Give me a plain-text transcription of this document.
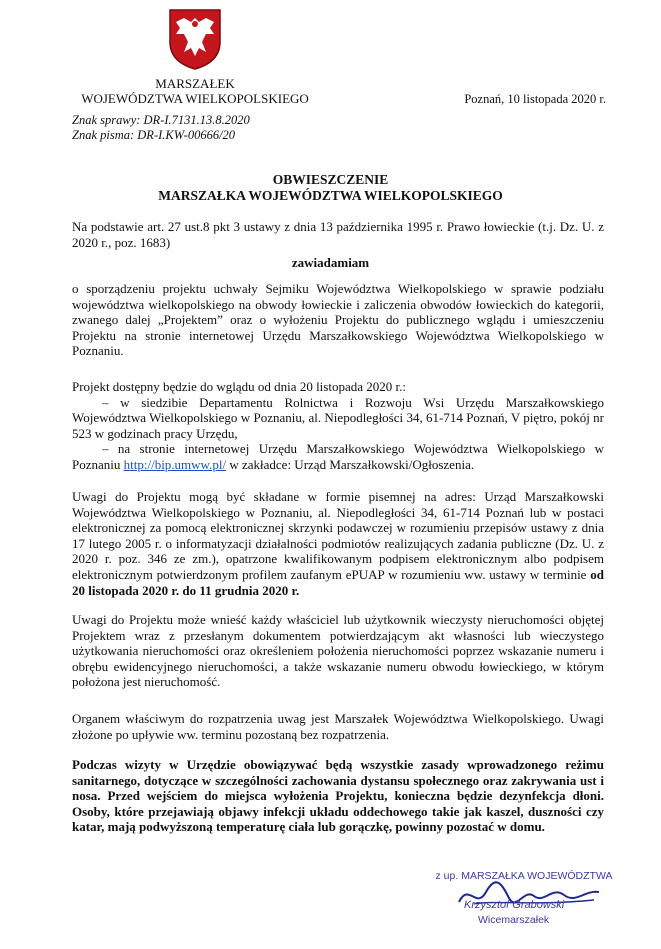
MARSZAŁEK
WOJEWÓDZTWA WIELKOPOLSKIEGO	Poznań, 10 listopada 2020 r.
Znak sprawy: DR-I.7131.13.8.2020
Znak pisma: DR-I.KW-00666/20
OBWIESZCZENIE
MARSZAŁKA WOJEWÓDZTWA WIELKOPOLSKIEGO
Na podstawie art. 27 ust.8 pkt 3 ustawy z dnia 13 października 1995 r. Prawo łowieckie (t.j. Dz. U. z 2020 r., poz. 1683)
zawiadamiam
o sporządzeniu projektu uchwały Sejmiku Województwa Wielkopolskiego w sprawie podziału województwa wielkopolskiego na obwody łowieckie i zaliczenia obwodów łowieckich do kategorii, zwanego dalej „Projektem” oraz o wyłożeniu Projektu do publicznego wglądu i umieszczeniu Projektu na stronie internetowej Urzędu Marszałkowskiego Województwa Wielkopolskiego w Poznaniu.

Projekt dostępny będzie do wglądu od dnia 20 listopada 2020 r.:

– w siedzibie Departamentu Rolnictwa i Rozwoju Wsi Urzędu Marszałkowskiego Województwa Wielkopolskiego w Poznaniu, al. Niepodległości 34, 61-714 Poznań, V piętro, pokój nr 523 w godzinach pracy Urzędu,

– na stronie internetowej Urzędu Marszałkowskiego Województwa Wielkopolskiego w Poznaniu http://bip.umww.pl/ w zakładce: Urząd Marszałkowski/Ogłoszenia.

Uwagi do Projektu mogą być składane w formie pisemnej na adres: Urząd Marszałkowski Województwa Wielkopolskiego w Poznaniu, al. Niepodległości 34, 61-714 Poznań lub w postaci elektronicznej za pomocą elektronicznej skrzynki podawczej w rozumieniu przepisów ustawy z dnia 17 lutego 2005 r. o informatyzacji działalności podmiotów realizujących zadania publiczne (Dz. U. z 2020 r. poz. 346 ze zm.), opatrzone kwalifikowanym podpisem elektronicznym albo podpisem elektronicznym potwierdzonym profilem zaufanym ePUAP w rozumieniu ww. ustawy w terminie od 20 listopada 2020 r. do 11 grudnia 2020 r.
Uwagi do Projektu może wnieść każdy właściciel lub użytkownik wieczysty nieruchomości objętej Projektem wraz z przesłanym dokumentem potwierdzającym akt własności lub wieczystego użytkowania nieruchomości oraz określeniem położenia nieruchomości poprzez wskazanie numeru i obrębu ewidencyjnego nieruchomości, a także wskazanie numeru obwodu łowieckiego, w którym położona jest nieruchomość.
Organem właściwym do rozpatrzenia uwag jest Marszałek Województwa Wielkopolskiego. Uwagi złożone po upływie ww. terminu pozostaną bez rozpatrzenia.
Podczas wizyty w Urzędzie obowiązywać będą wszystkie zasady wprowadzonego reżimu sanitarnego, dotyczące w szczególności zachowania dystansu społecznego oraz zakrywania ust i nosa. Przed wejściem do miejsca wyłożenia Projektu, konieczna będzie dezynfekcja dłoni. Osoby, które przejawiają objawy infekcji układu oddechowego takie jak kaszel, duszności czy katar, mają podwyższoną temperaturę ciała lub gorączkę, powinny pozostać w domu.
z up. MARSZAŁKA WOJEWÓDZTWA
Krzysztof Grabowski
Wicemarszałek
